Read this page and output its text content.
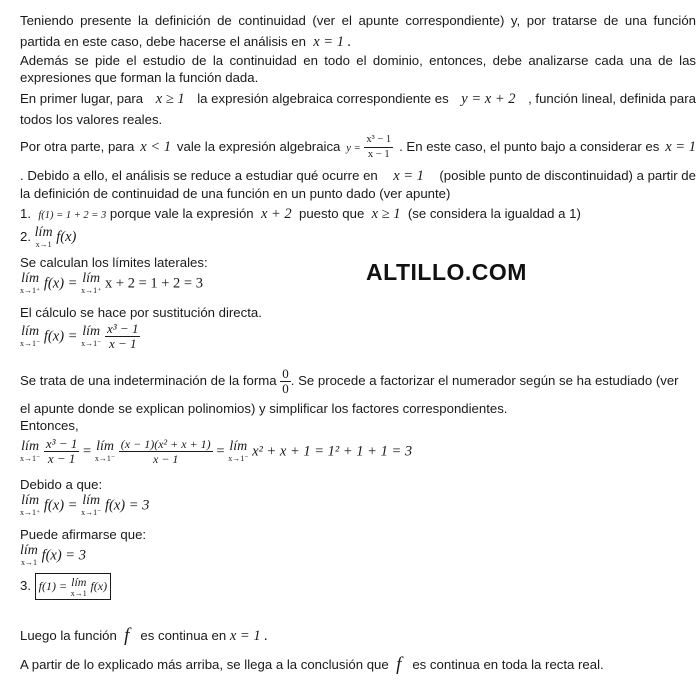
ALTILLO.COM
Teniendo presente la definición de continuidad (ver el apunte correspondiente) y, por tratarse de una función
partida en este caso, debe hacerse el análisis en x = 1 .
Además se pide el estudio de la continuidad en todo el dominio, entonces, debe analizarse cada una de las
expresiones que forman la función dada.
En primer lugar, para x ≥ 1 la expresión algebraica correspondiente es y = x + 2 , función lineal, definida para
todos los valores reales.
Por otra parte, para x < 1 vale la expresión algebraica $y = \frac{\text{x³ − 1}}{x - 1}$ . En este caso, el punto bajo a considerar es x = 1
. Debido a ello, el análisis se reduce a estudiar qué ocurre en x = 1 (posible punto de discontinuidad) a partir de
la definición de continuidad de una función en un punto dado (ver apunte)
1. f(1) = 1 + 2 = 3 porque vale la expresión x + 2 puesto que x ≥ 1 (se considera la igualdad a 1)
2. lím
x→1 f(x)
Se calculan los límites laterales:
lím
x→1⁺ f(x) = lím
x→1⁺ x + 2 = 1 + 2 = 3
El cálculo se hace por sustitución directa.
lím
x→1⁻ f(x) = lím
x→1⁻
$\frac{\text{x³ − 1}}{x - 1}$
Se trata de una indeterminación de la forma
$\frac{0}{0}$ . Se procede a factorizar el numerador según se ha estudiado (ver
el apunte donde se explican polinomios) y simplificar los factores correspondientes.
Entonces,
lím
x→1⁻
$\frac{\text{x³ − 1}}{x - 1}$ = lím
x→1⁻
$\frac{\text{(x − 1)(x² + x + 1)}}{x - 1}$ = lím
x→1⁻ x² + x + 1 = 1² + 1 + 1 = 3
Debido a que:
lím
x→1⁺ f(x) = lím
x→1⁻ f(x) = 3
Puede afirmarse que:
lím
x→1 f(x) = 3
3. f(1) = lím
x→1
f(x)
Luego la función
f
es continua en
x = 1 .
A partir de lo explicado más arriba, se llega a la conclusión que
f
es continua en toda la recta real.
